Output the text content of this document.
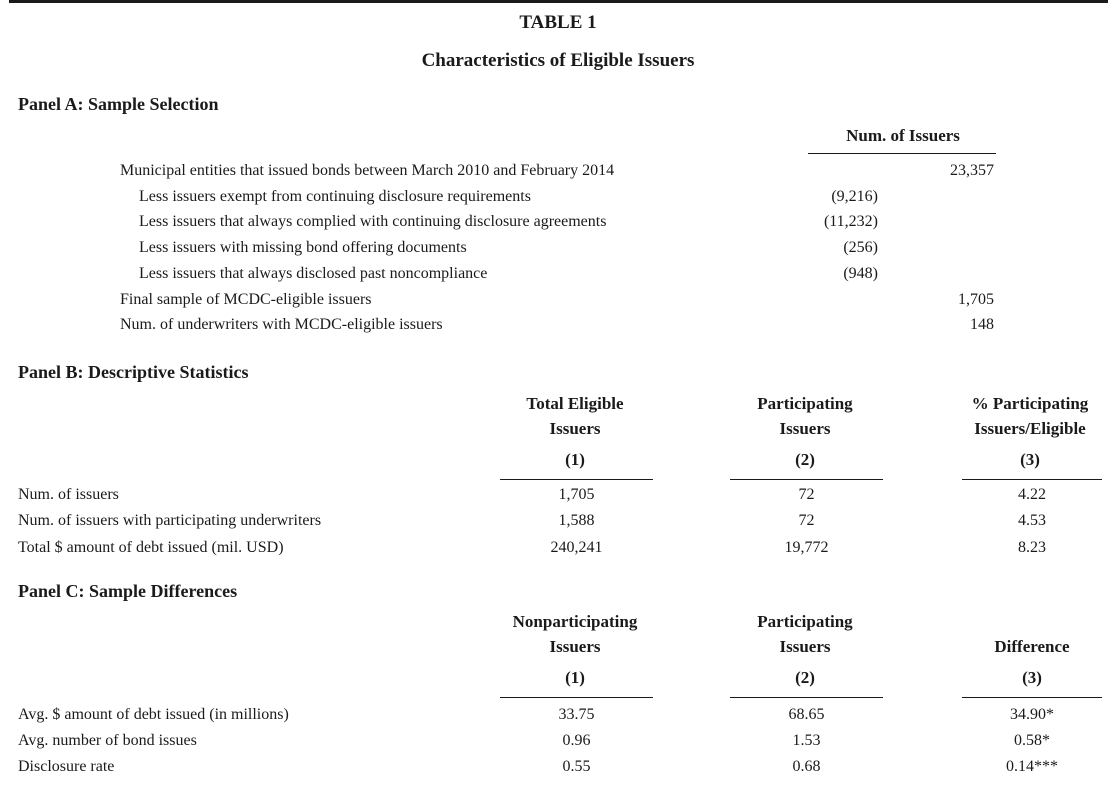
TABLE 1
Characteristics of Eligible Issuers
Panel A: Sample Selection
Num. of Issuers
Municipal entities that issued bonds between March 2010 and February 2014	23,357
Less issuers exempt from continuing disclosure requirements	(9,216)
Less issuers that always complied with continuing disclosure agreements	(11,232)
Less issuers with missing bond offering documents	(256)
Less issuers that always disclosed past noncompliance	(948)
Final sample of MCDC-eligible issuers	1,705
Num. of underwriters with MCDC-eligible issuers	148
Panel B: Descriptive Statistics
Total Eligible
Issuers
(1)
Participating
Issuers
(2)
% Participating
Issuers/Eligible
(3)
Num. of issuers	1,705	72	4.22
Num. of issuers with participating underwriters	1,588	72	4.53
Total $ amount of debt issued (mil. USD)	240,241	19,772	8.23
Panel C: Sample Differences
Nonparticipating
Issuers
(1)
Participating
Issuers
(2)
Difference
(3)
Avg. $ amount of debt issued (in millions)	33.75	68.65	34.90*
Avg. number of bond issues	0.96	1.53	0.58*
Disclosure rate	0.55	0.68	0.14***
